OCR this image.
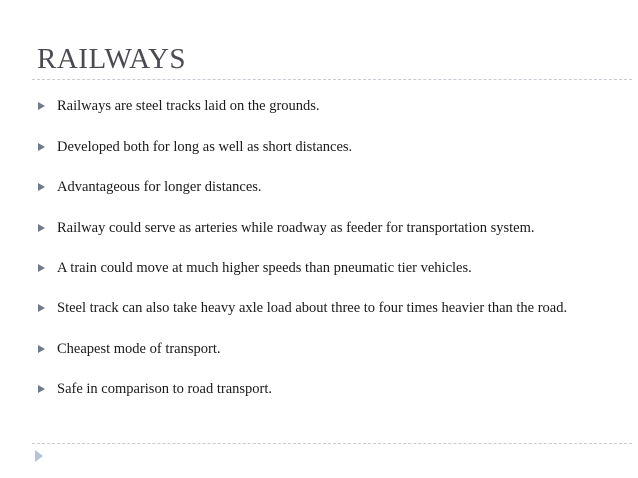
RAILWAYS
Railways are steel tracks laid on the grounds.
Developed both for long as well as short distances.
Advantageous for longer distances.
Railway could serve as arteries while roadway as feeder for transportation system.
A train could move at much higher speeds than pneumatic tier vehicles.
Steel track can also take heavy axle load about three to four times heavier than the road.
Cheapest mode of transport.
Safe in comparison to road transport.
